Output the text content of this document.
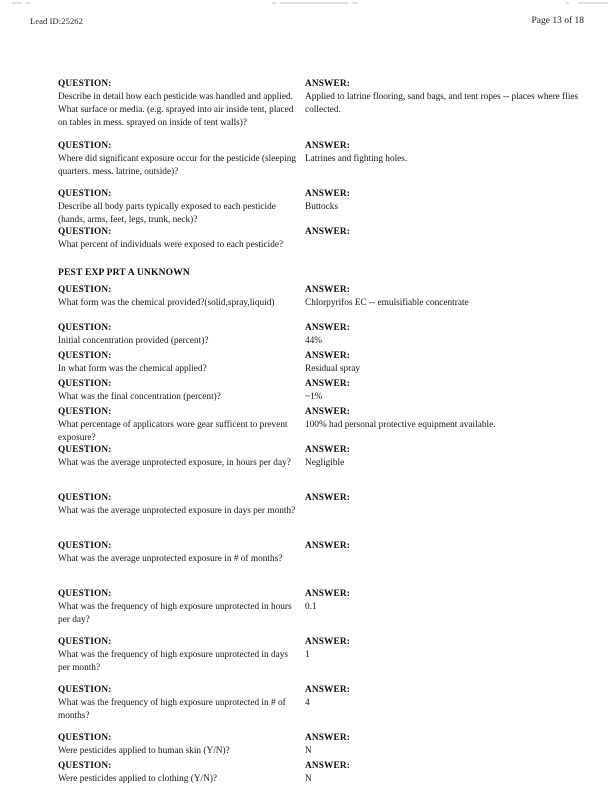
Lead ID:25262	Page 13 of 18
PEST EXP PRT A UNKNOWN
QUESTION:
Describe in detail how each pesticide was handled and applied. What surface or media. (e.g. sprayed into air inside tent, placed on tables in mess. sprayed on inside of tent walls)?
ANSWER:
Applied to latrine flooring, sand bags, and tent ropes -- places where flies collected.
QUESTION:
Where did significant exposure occur for the pesticide (sleeping quarters. mess. latrine, outside)?
ANSWER:
Latrines and fighting holes.
QUESTION:
Describe all body parts typically exposed to each pesticide (hands, arms, feet, legs, trunk, neck)?
ANSWER:
Buttocks
QUESTION:
What percent of individuals were exposed to each pesticide?
ANSWER:
QUESTION:
What form was the chemical provided?(solid,spray,liquid)
ANSWER:
Chlorpyrifos EC -- emulsifiable concentrate
QUESTION:
Initial concentration provided (percent)?
ANSWER:
44%
QUESTION:
In what form was the chemical applied?
ANSWER:
Residual spray
QUESTION:
What was the final concentration (percent)?
ANSWER:
~1%
QUESTION:
What percentage of applicators wore gear sufficent to prevent exposure?
ANSWER:
100% had personal protective equipment available.
QUESTION:
What was the average unprotected exposure, in hours per day?
ANSWER:
Negligible
QUESTION:
What was the average unprotected exposure in days per month?
ANSWER:
QUESTION:
What was the average unprotected exposure in # of months?
ANSWER:
QUESTION:
What was the frequency of high exposure unprotected in hours per day?
ANSWER:
0.1
QUESTION:
What was the frequency of high exposure unprotected in days per month?
ANSWER:
1
QUESTION:
What was the frequency of high exposure unprotected in # of months?
ANSWER:
4
QUESTION:
Were pesticides applied to human skin (Y/N)?
ANSWER:
N
QUESTION:
Were pesticides applied to clothing (Y/N)?
ANSWER:
N
